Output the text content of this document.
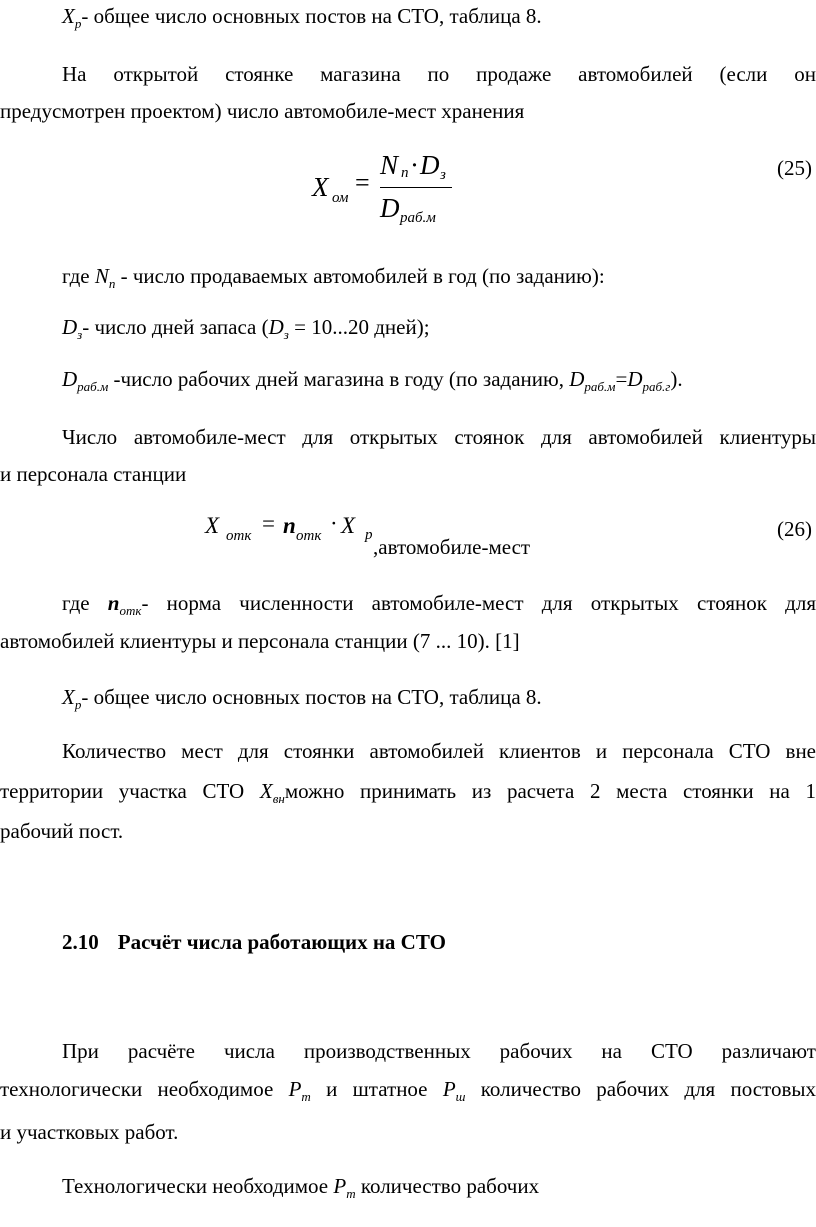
$X_p-$ общее число основных постов на СТО, таблица 8.
На открытой стоянке магазина по продаже автомобилей (если он
предусмотрен проектом) число автомобиле-мест хранения
X ом
=
N п · D з
D раб.м
(25)
где $N_п$ - число продаваемых автомобилей в год (по заданию):
$D_з-$ число дней запаса ($D_з = 10...20$ дней);
$D_{раб.м}$ -число рабочих дней магазина в году (по заданию, $D_{раб.м}=D_{раб.г}$).
Число автомобиле-мест для открытых стоянок для автомобилей клиентуры
и персонала станции
X отк = n отк · X р ,автомобиле-мест
(26)
где $n_{отк}-$ норма численности автомобиле-мест для открытых стоянок для
автомобилей клиентуры и персонала станции (7 ... 10). [1]
$X_р-$ общее число основных постов на СТО, таблица 8.
Количество мест для стоянки автомобилей клиентов и персонала СТО вне
территории участка СТО $X_{вн}можно$ принимать из расчета 2 места стоянки на 1
рабочий пост.
2.10 Расчёт числа работающих на СТО
При расчёте числа производственных рабочих на СТО различают
технологически необходимое $Р_т$ и штатное $Р_ш$ количество рабочих для постовых
и участковых работ.
Технологически необходимое $Р_т$ количество рабочих
